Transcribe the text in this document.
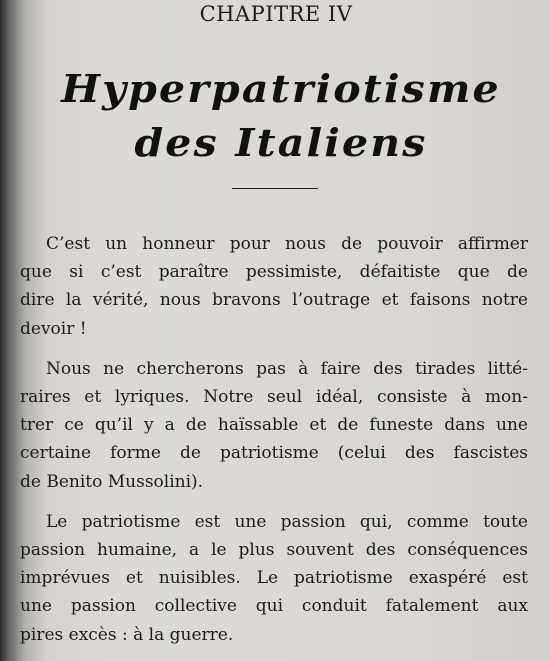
CHAPITRE IV
Hyperpatriotisme
des Italiens

C’est un honneur pour nous de pouvoir affirmer
que si c’est paraître pessimiste, défaitiste que de
dire la vérité, nous bravons l’outrage et faisons notre
devoir !

Nous ne chercherons pas à faire des tirades litté-
raires et lyriques. Notre seul idéal, consiste à mon-
trer ce qu’il y a de haïssable et de funeste dans une
certaine forme de patriotisme (celui des fascistes
de Benito Mussolini).

Le patriotisme est une passion qui, comme toute
passion humaine, a le plus souvent des conséquences
imprévues et nuisibles. Le patriotisme exaspéré est
une passion collective qui conduit fatalement aux
pires excès : à la guerre.
